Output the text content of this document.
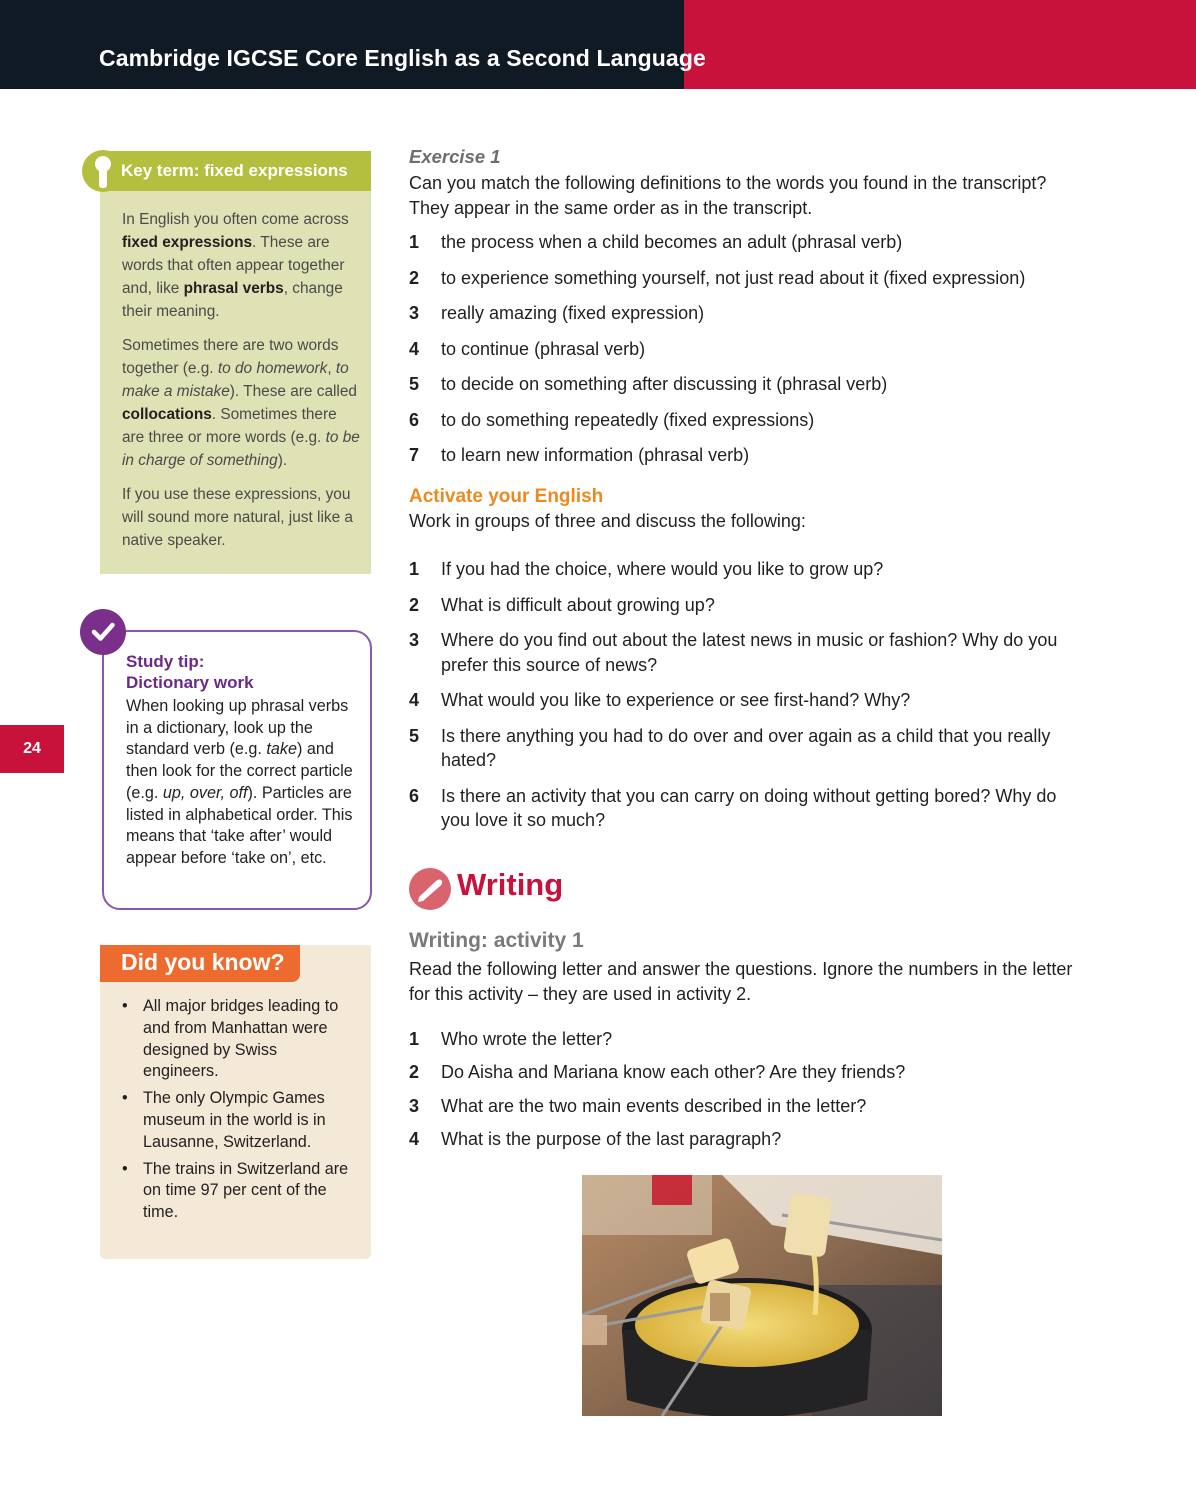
Cambridge IGCSE Core English as a Second Language
24
Key term: fixed expressions

In English you often come across fixed expressions. These are words that often appear together and, like phrasal verbs, change their meaning.

Sometimes there are two words together (e.g. to do homework, to make a mistake). These are called collocations. Sometimes there are three or more words (e.g. to be in charge of something).

If you use these expressions, you will sound more natural, just like a native speaker.

Study tip:
Dictionary work
When looking up phrasal verbs in a dictionary, look up the standard verb (e.g. take) and then look for the correct particle (e.g. up, over, off). Particles are listed in alphabetical order. This means that ‘take after’ would appear before ‘take on’, etc.
Did you know?
• All major bridges leading to and from Manhattan were designed by Swiss engineers.
• The only Olympic Games museum in the world is in Lausanne, Switzerland.
• The trains in Switzerland are on time 97 per cent of the time.
Exercise 1
Can you match the following definitions to the words you found in the transcript? They appear in the same order as in the transcript.
1 the process when a child becomes an adult (phrasal verb)
2 to experience something yourself, not just read about it (fixed expression)
3 really amazing (fixed expression)
4 to continue (phrasal verb)
5 to decide on something after discussing it (phrasal verb)
6 to do something repeatedly (fixed expressions)
7 to learn new information (phrasal verb)
Activate your English
Work in groups of three and discuss the following:
1 If you had the choice, where would you like to grow up?
2 What is difficult about growing up?
3 Where do you find out about the latest news in music or fashion? Why do you prefer this source of news?
4 What would you like to experience or see first-hand? Why?
5 Is there anything you had to do over and over again as a child that you really hated?
6 Is there an activity that you can carry on doing without getting bored? Why do you love it so much?
Writing
Writing: activity 1
Read the following letter and answer the questions. Ignore the numbers in the letter for this activity – they are used in activity 2.
1 Who wrote the letter?
2 Do Aisha and Mariana know each other? Are they friends?
3 What are the two main events described in the letter?
4 What is the purpose of the last paragraph?
